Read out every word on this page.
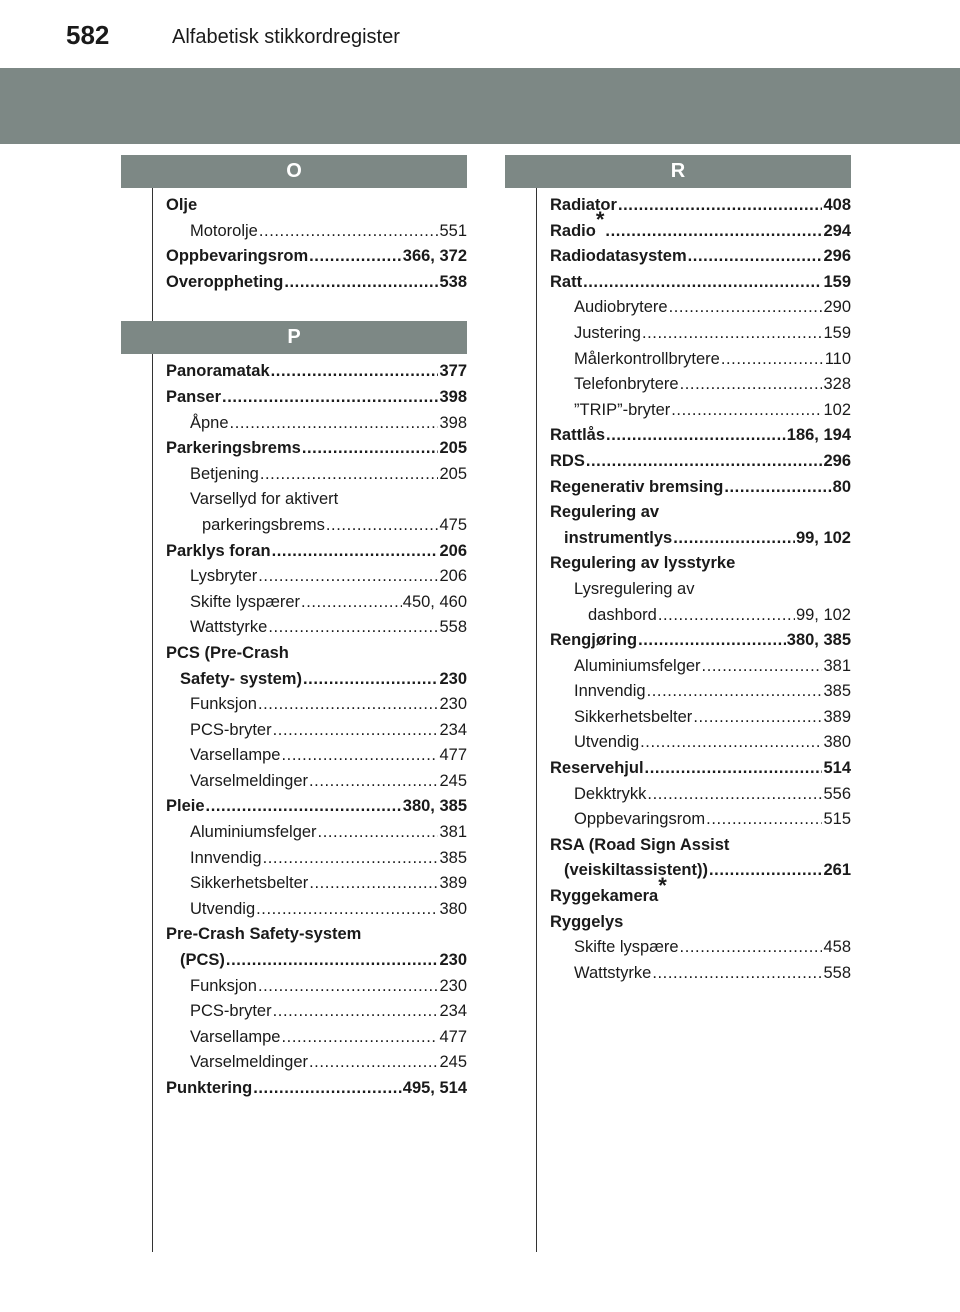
582	Alfabetisk stikkordregister
O
Olje
Motorolje . . .	551
Oppbevaringsrom . . .	366, 372
Overoppheting . . .	538
P
Panoramatak . . .	377
Panser . . .	398
Åpne . . .	398
Parkeringsbrems . . .	205
Betjening . . .	205
Varsellyd for aktivert
parkeringsbrems . . .	475
Parklys foran . . .	206
Lysbryter . . .	206
Skifte lyspærer . . .	450, 460
Wattstyrke . . .	558
PCS (Pre-Crash
Safety- system) . . .	230
Funksjon . . .	230
PCS-bryter . . .	234
Varsellampe . . .	477
Varselmeldinger . . .	245
Pleie . . .	380, 385
Aluminiumsfelger . . .	381
Innvendig . . .	385
Sikkerhetsbelter . . .	389
Utvendig . . .	380
Pre-Crash Safety-system
(PCS) . . .	230
Funksjon . . .	230
PCS-bryter . . .	234
Varsellampe . . .	477
Varselmeldinger . . .	245
Punktering . . .	495, 514
R
Radiator . . .	408
Radio* . . .	294
Radiodatasystem . . .	296
Ratt . . .	159
Audiobrytere . . .	290
Justering . . .	159
Målerkontrollbrytere . . .	110
Telefonbrytere . . .	328
”TRIP”-bryter . . .	102
Rattlås . . .	186, 194
RDS . . .	296
Regenerativ bremsing . . .	80
Regulering av
instrumentlys . . .	99, 102
Regulering av lysstyrke
Lysregulering av
dashbord . . .	99, 102
Rengjøring . . .	380, 385
Aluminiumsfelger . . .	381
Innvendig . . .	385
Sikkerhetsbelter . . .	389
Utvendig . . .	380
Reservehjul . . .	514
Dekktrykk . . .	556
Oppbevaringsrom . . .	515
RSA (Road Sign Assist
(veiskiltassistent)) . . .	261
Ryggekamera*
Ryggelys
Skifte lyspære . . .	458
Wattstyrke . . .	558
